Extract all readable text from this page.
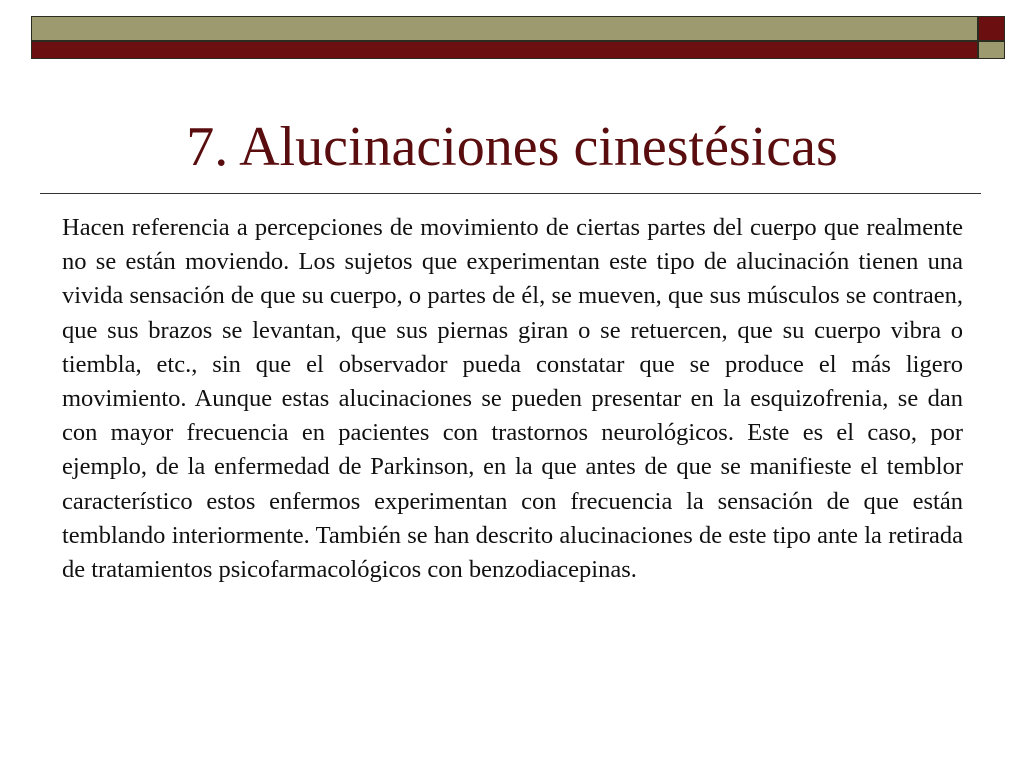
7. Alucinaciones cinestésicas

Hacen referencia a percepciones de movimiento de ciertas partes del cuerpo que realmente no se están moviendo. Los sujetos que experimentan este tipo de alucinación tienen una vivida sensación de que su cuerpo, o partes de él, se mueven, que sus músculos se contraen, que sus brazos se levantan, que sus piernas giran o se retuercen, que su cuerpo vibra o tiembla, etc., sin que el observador pueda constatar que se produce el más ligero movimiento. Aunque estas alucinaciones se pueden presentar en la esquizofrenia, se dan con mayor frecuencia en pacientes con trastornos neurológicos. Este es el caso, por ejemplo, de la enfermedad de Parkinson, en la que antes de que se manifieste el temblor característico estos enfermos experimentan con frecuencia la sensación de que están temblando interiormente. También se han descrito alucinaciones de este tipo ante la retirada de tratamientos psicofarmacológicos con benzodiacepinas.
